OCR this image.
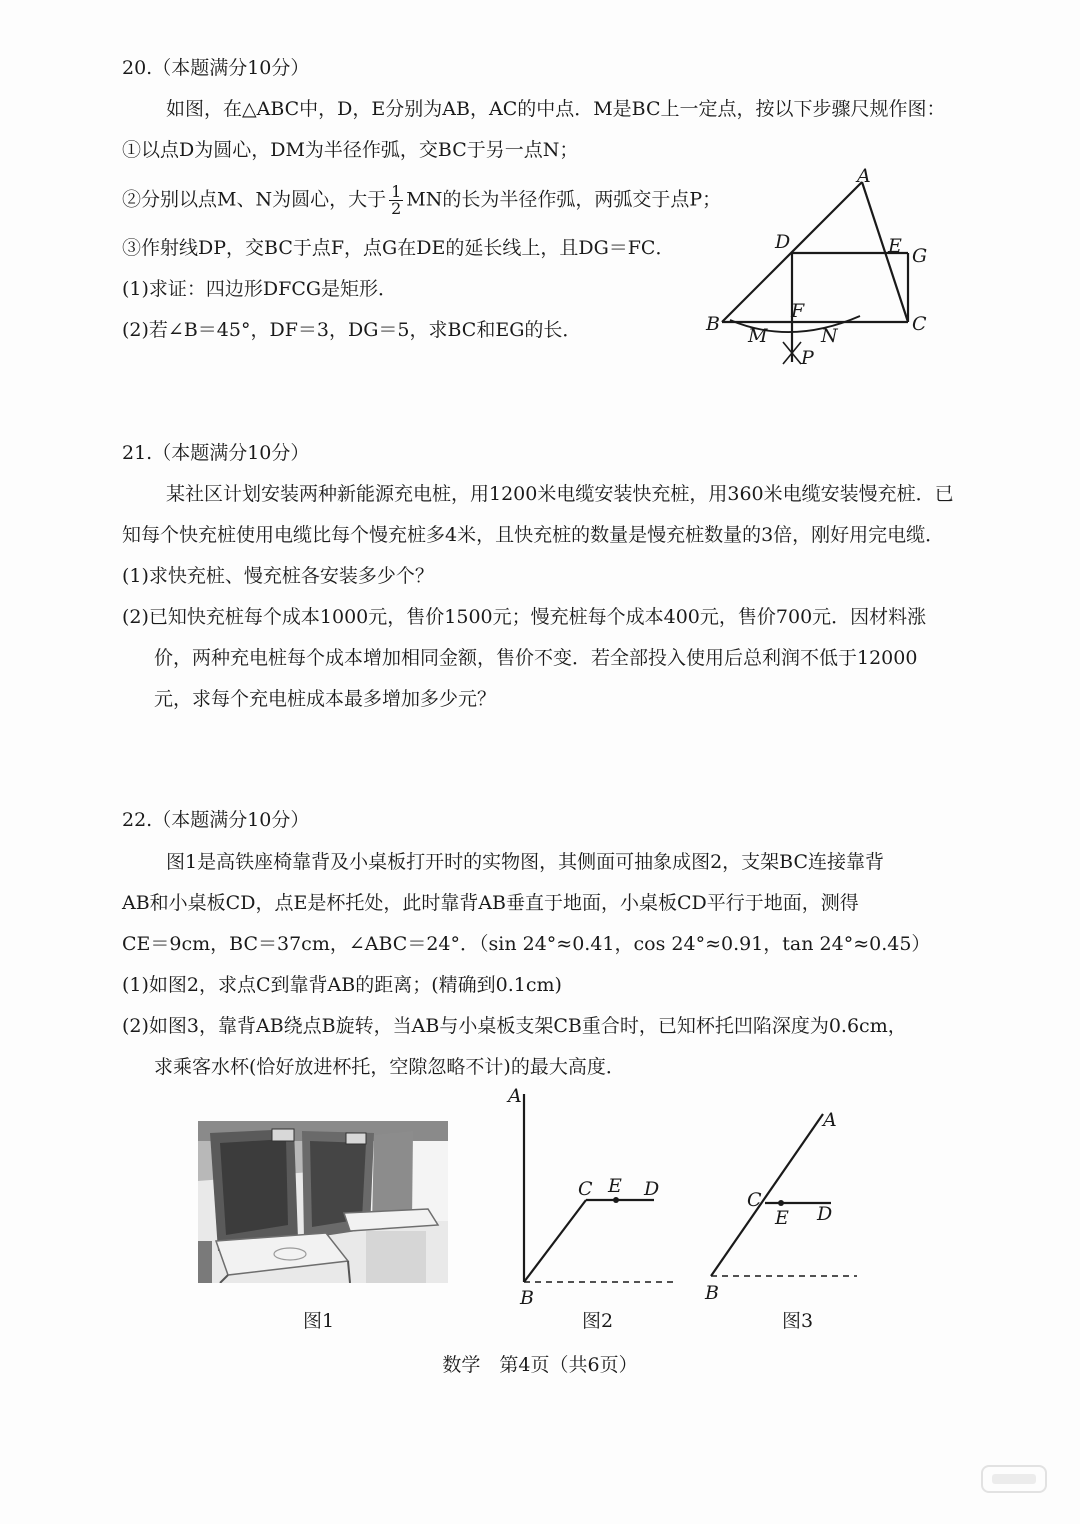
20.（本题满分10分）
如图，在△ABC中，D，E分别为AB，AC的中点．M是BC上一定点，按以下步骤尺规作图：
①以点D为圆心，DM为半径作弧，交BC于另一点N；
②分别以点M、N为圆心，大于 $\frac{1}{2}$ MN的长为半径作弧，两弧交于点P；
③作射线DP，交BC于点F，点G在DE的延长线上，且DG＝FC．
(1)求证：四边形DFCG是矩形．
(2)若∠B＝45°，DF＝3，DG＝5，求BC和EG的长．
A
B	C
D	E G
F
M	N
P
21.（本题满分10分）
某社区计划安装两种新能源充电桩，用1200米电缆安装快充桩，用360米电缆安装慢充桩．已
知每个快充桩使用电缆比每个慢充桩多4米，且快充桩的数量是慢充桩数量的3倍，刚好用完电缆．
(1)求快充桩、慢充桩各安装多少个？
(2)已知快充桩每个成本1000元，售价1500元；慢充桩每个成本400元，售价700元．因材料涨
价，两种充电桩每个成本增加相同金额，售价不变．若全部投入使用后总利润不低于12000
元，求每个充电桩成本最多增加多少元？
22.（本题满分10分）
图1是高铁座椅靠背及小桌板打开时的实物图，其侧面可抽象成图2，支架BC连接靠背
AB和小桌板CD，点E是杯托处，此时靠背AB垂直于地面，小桌板CD平行于地面，测得
CE＝9cm，BC＝37cm，∠ABC＝24°．（sin 24°≈0.41，cos 24°≈0.91，tan 24°≈0.45）
(1)如图2，求点C到靠背AB的距离；(精确到0.1cm)
(2)如图3，靠背AB绕点B旋转，当AB与小桌板支架CB重合时，已知杯托凹陷深度为0.6cm，
求乘客水杯(恰好放进杯托，空隙忽略不计)的最大高度．
A
B
C E D
A
B
C
E D
图1	图2	图3
数学　第4页（共6页）
